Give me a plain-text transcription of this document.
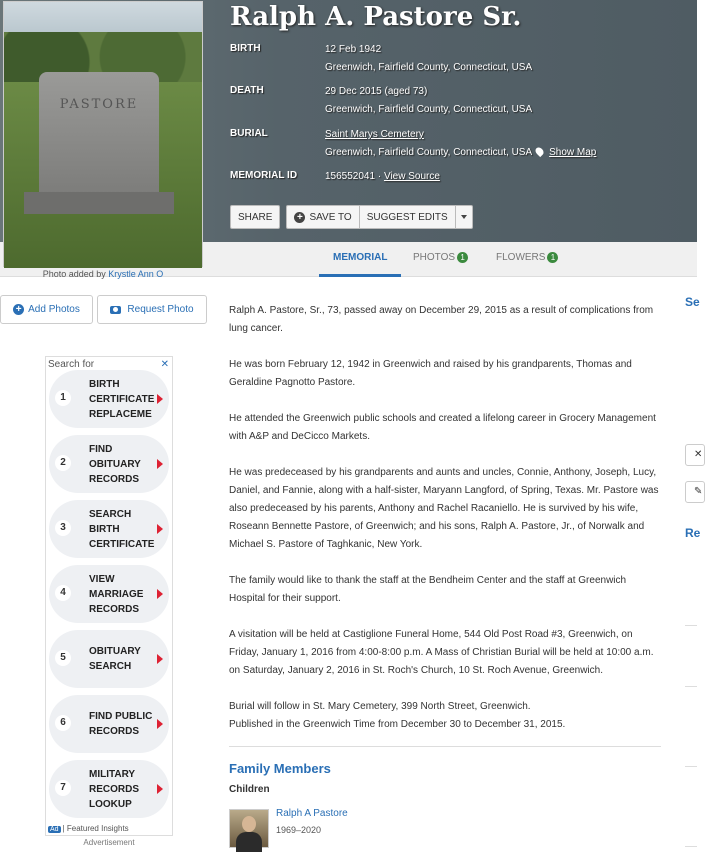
Ralph A. Pastore Sr.
BIRTH	12 Feb 1942
Greenwich, Fairfield County, Connecticut, USA
DEATH	29 Dec 2015 (aged 73)
Greenwich, Fairfield County, Connecticut, USA
BURIAL	Saint Marys Cemetery
Greenwich, Fairfield County, Connecticut, USA Show Map
MEMORIAL ID	156552041 · View Source
SHARE + SAVE TO SUGGEST EDITS
PASTORE
Photo added by Krystle Ann O
MEMORIAL	PHOTOS 1	FLOWERS 1
+ Add Photos	Request Photo
Search for	✕
1
BIRTH CERTIFICATE REPLACEME
2
FIND OBITUARY RECORDS
3
SEARCH BIRTH CERTIFICATE
4
VIEW MARRIAGE RECORDS
5
OBITUARY SEARCH
6
FIND PUBLIC RECORDS
7
MILITARY RECORDS LOOKUP
Ad | Featured Insights
Advertisement

Ralph A. Pastore, Sr., 73, passed away on December 29, 2015 as a result of complications from lung cancer.

He was born February 12, 1942 in Greenwich and raised by his grandparents, Thomas and Geraldine Pagnotto Pastore.

He attended the Greenwich public schools and created a lifelong career in Grocery Management with A&P and DeCicco Markets.

He was predeceased by his grandparents and aunts and uncles, Connie, Anthony, Joseph, Lucy, Daniel, and Fannie, along with a half-sister, Maryann Langford, of Spring, Texas. Mr. Pastore was also predeceased by his parents, Anthony and Rachel Racaniello. He is survived by his wife, Roseann Bennette Pastore, of Greenwich; and his sons, Ralph A. Pastore, Jr., of Norwalk and Michael S. Pastore of Taghkanic, New York.

The family would like to thank the staff at the Bendheim Center and the staff at Greenwich Hospital for their support.

A visitation will be held at Castiglione Funeral Home, 544 Old Post Road #3, Greenwich, on Friday, January 1, 2016 from 4:00-8:00 p.m. A Mass of Christian Burial will be held at 10:00 a.m. on Saturday, January 2, 2016 in St. Roch's Church, 10 St. Roch Avenue, Greenwich.

Burial will follow in St. Mary Cemetery, 399 North Street, Greenwich.

Published in the Greenwich Time from December 30 to December 31, 2015.

Family Members
Children
Ralph A Pastore
1969–2020
Se
✕
✎
Re
